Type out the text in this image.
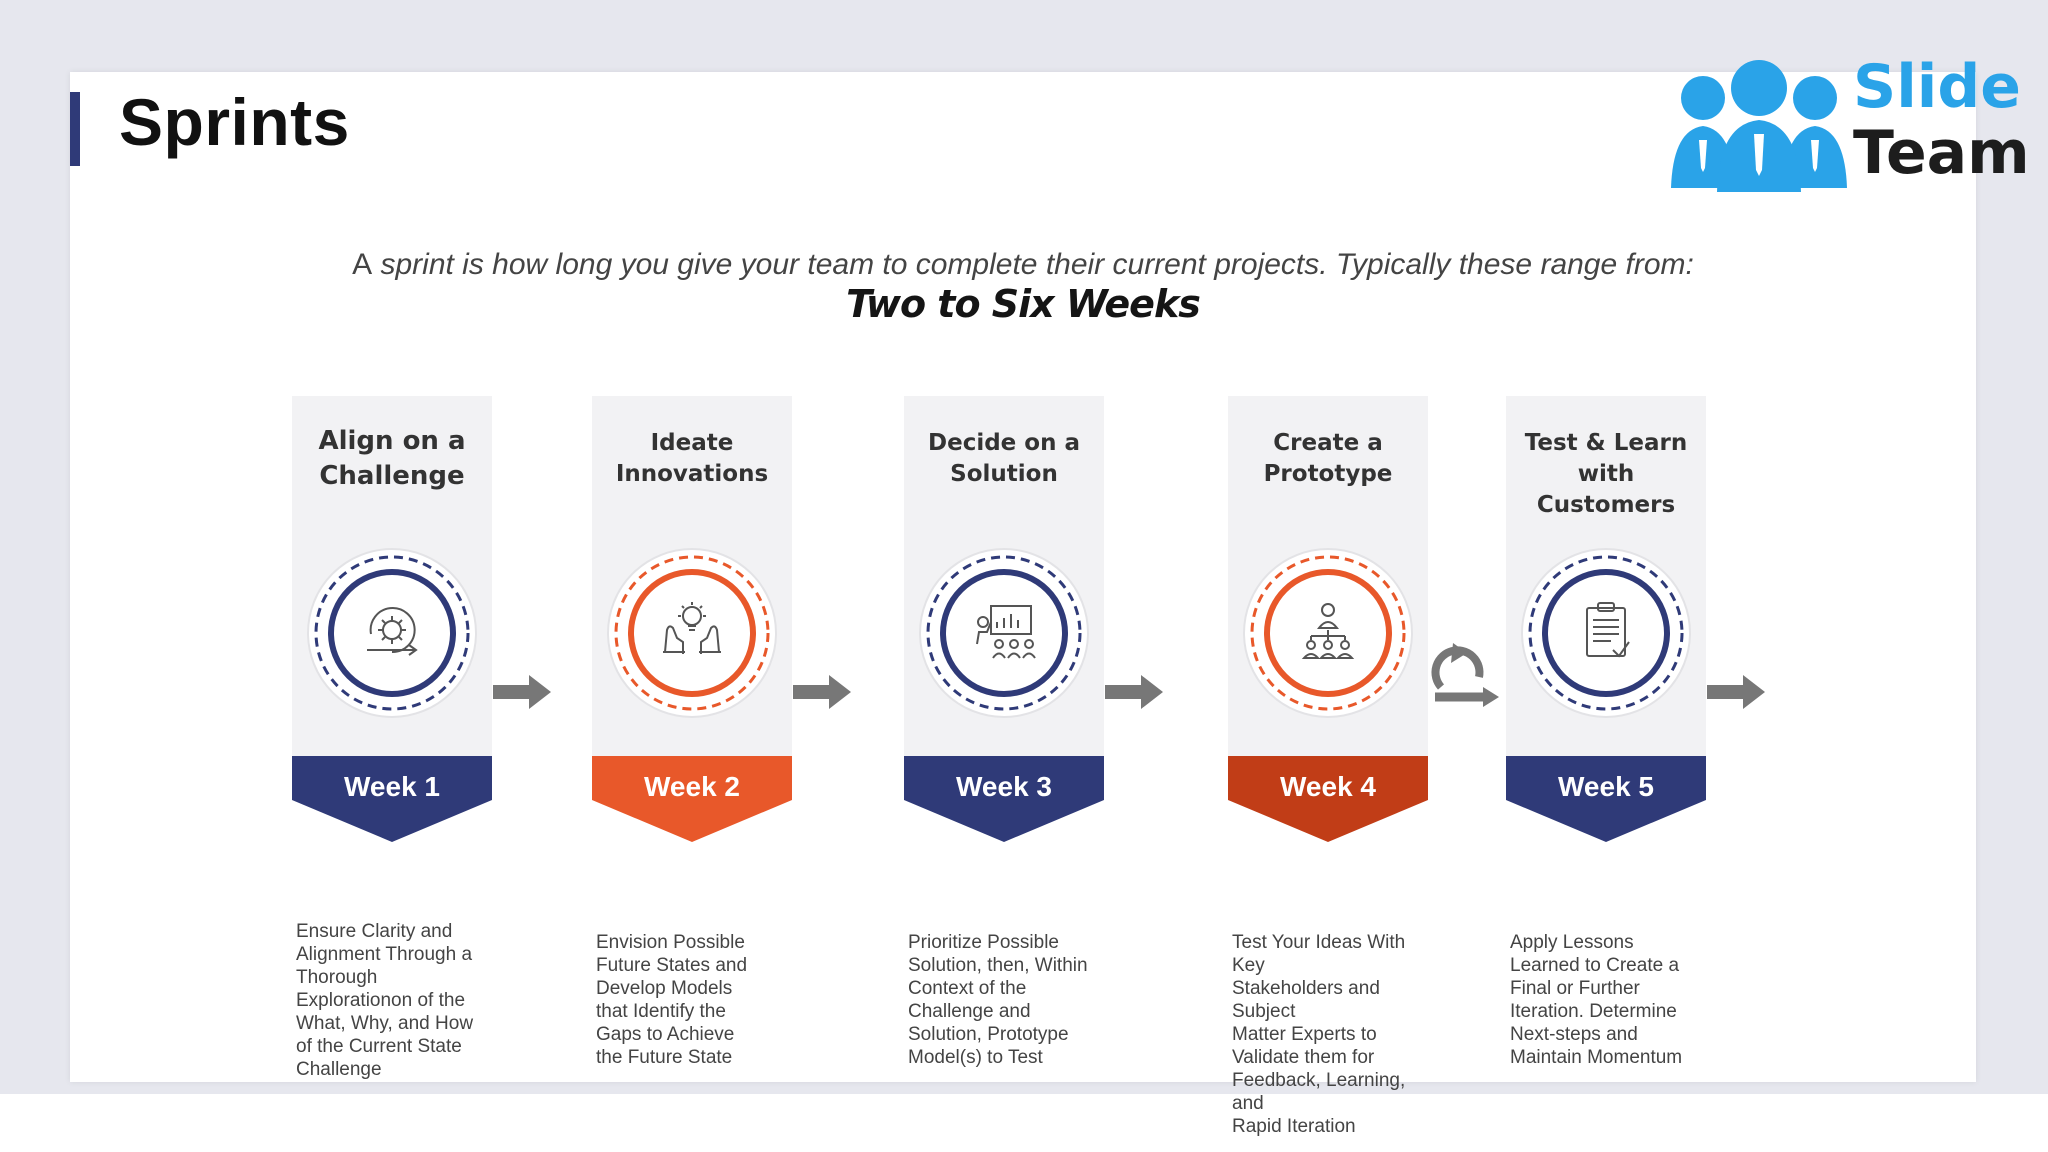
Sprints	Slide
Team
A sprint is how long you give your team to complete their current projects. Typically these range from:
Two to Six Weeks
Align on a
Challenge
Week 1
Ensure Clarity and
Alignment Through a
Thorough
Explorationon of the
What, Why, and How
of the Current State
Challenge
Ideate
Innovations
Week 2
Envision Possible
Future States and
Develop Models
that Identify the
Gaps to Achieve
the Future State
Decide on a
Solution
Week 3
Prioritize Possible
Solution, then, Within
Context of the
Challenge and
Solution, Prototype
Model(s) to Test
Create a
Prototype
Week 4
Test Your Ideas With Key
Stakeholders and Subject
Matter Experts to
Validate them for
Feedback, Learning, and
Rapid Iteration
Test & Learn
with Customers
Week 5
Apply Lessons
Learned to Create a
Final or Further
Iteration. Determine
Next-steps and
Maintain Momentum
